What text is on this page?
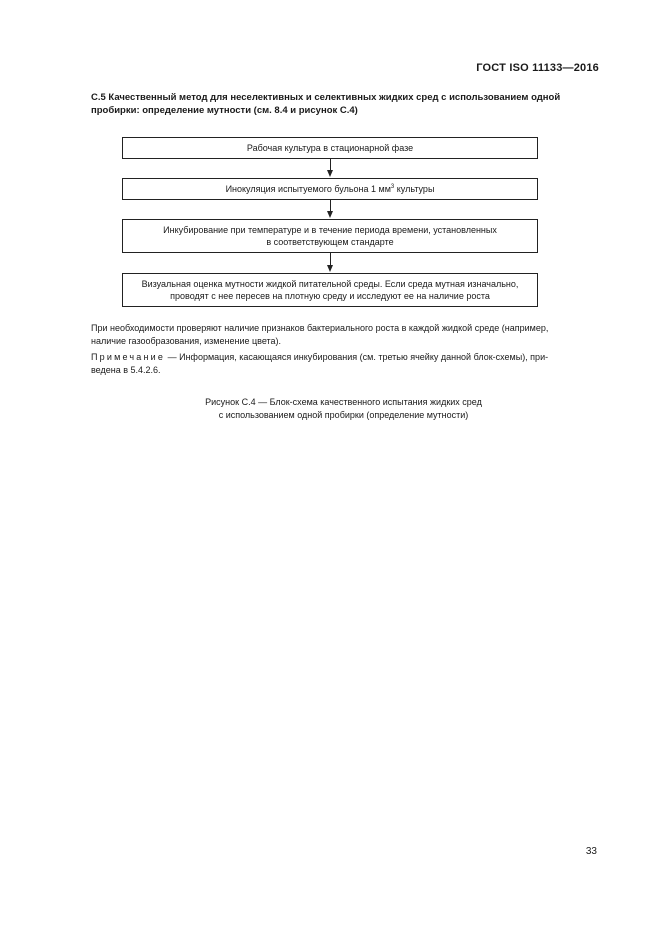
ГОСТ ISO 11133—2016
С.5 Качественный метод для неселективных и селективных жидких сред с использованием одной
пробирки: определение мутности (см. 8.4 и рисунок С.4)
Рабочая культура в стационарной фазе
Инокуляция испытуемого бульона 1 $мм^3$ культуры
Инкубирование при температуре и в течение периода времени, установленных
в соответствующем стандарте
Визуальная оценка мутности жидкой питательной среды. Если среда мутная изначально,
проводят с нее пересев на плотную среду и исследуют ее на наличие роста
При необходимости проверяют наличие признаков бактериального роста в каждой жидкой среде (например,
наличие газообразования, изменение цвета).
Примечание — Информация, касающаяся инкубирования (см. третью ячейку данной блок-схемы), при-
ведена в 5.4.2.6.
Рисунок С.4 — Блок-схема качественного испытания жидких сред
с использованием одной пробирки (определение мутности)
33
